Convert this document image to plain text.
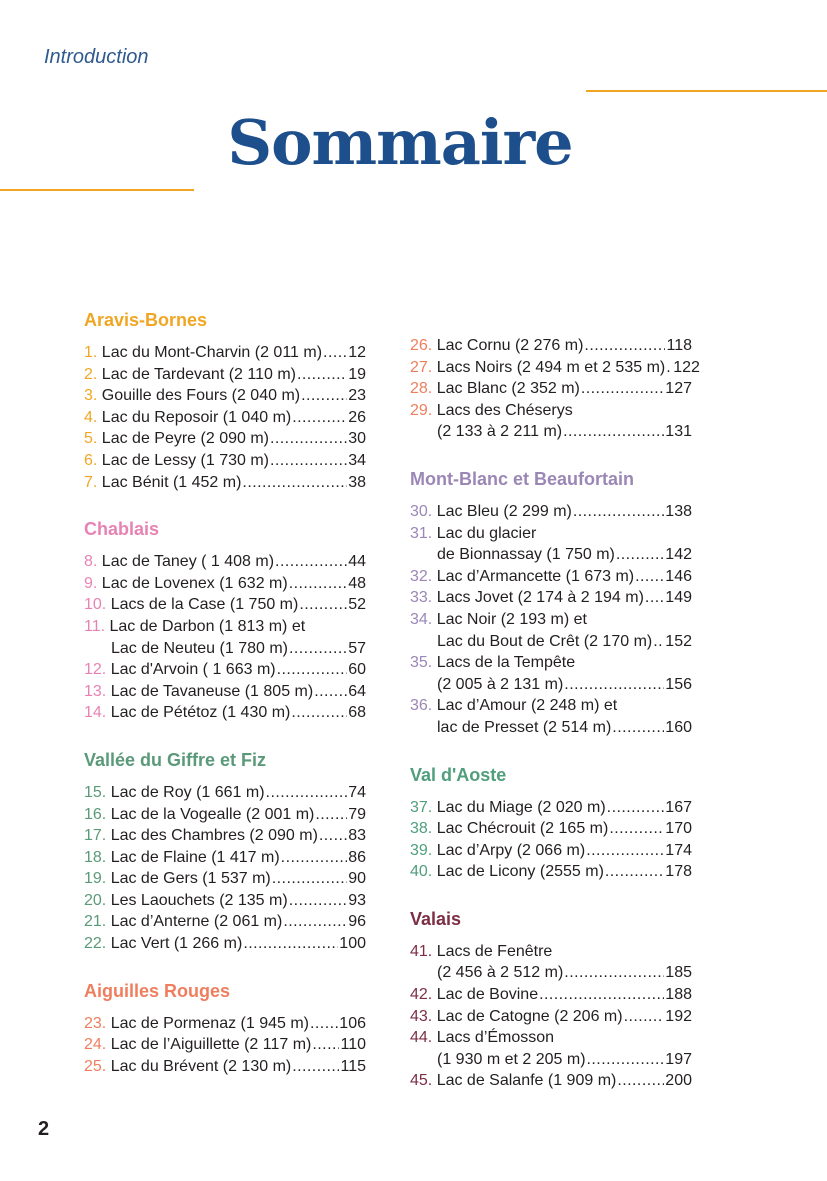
Introduction
Sommaire
Aravis-Bornes
1. Lac du Mont-Charvin (2 011 m) . . . 12
2. Lac de Tardevant (2 110 m) . . .	19
3. Gouille des Fours (2 040 m) . . .	23
4. Lac du Reposoir (1 040 m) . . .	26
5. Lac de Peyre (2 090 m) . . .	30
6. Lac de Lessy (1 730 m) . . .	34
7. Lac Bénit (1 452 m) . . .	38
Chablais
8. Lac de Taney ( 1 408 m) . . .	44
9. Lac de Lovenex (1 632 m) . . .	48
10. Lacs de la Case (1 750 m) . . .	52
11. Lac de Darbon (1 813 m) et
Lac de Neuteu (1 780 m) . . .	57
12. Lac d'Arvoin ( 1 663 m) . . .	60
13. Lac de Tavaneuse (1 805 m) . . . 64
14. Lac de Pététoz (1 430 m) . . .	68
Vallée du Giffre et Fiz
15. Lac de Roy (1 661 m) . . .	74
16. Lac de la Vogealle (2 001 m) . . . 79
17. Lac des Chambres (2 090 m) . . . 83
18. Lac de Flaine (1 417 m) . . .	86
19. Lac de Gers (1 537 m) . . .	90
20. Les Laouchets (2 135 m) . . .	93
21. Lac d’Anterne (2 061 m) . . .	96
22. Lac Vert (1 266 m) . . .	100
Aiguilles Rouges
23. Lac de Pormenaz (1 945 m) . . . 106
24. Lac de l’Aiguillette (2 117 m) . . . 110
25. Lac du Brévent (2 130 m) . . .	115
26. Lac Cornu (2 276 m) . . .	118
27. Lacs Noirs (2 494 m et 2 535 m) . . . 122
28. Lac Blanc (2 352 m) . . .	127
29. Lacs des Chéserys
(2 133 à 2 211 m) . . .	131
Mont-Blanc et Beaufortain
30. Lac Bleu (2 299 m) . . .	138
31. Lac du glacier
de Bionnassay (1 750 m) . . .	142
32. Lac d’Armancette (1 673 m) . . . 146
33. Lacs Jovet (2 174 à 2 194 m) . . . 149
34. Lac Noir (2 193 m) et
Lac du Bout de Crêt (2 170 m) . . . 152
35. Lacs de la Tempête
(2 005 à 2 131 m) . . .	156
36. Lac d’Amour (2 248 m) et
lac de Presset (2 514 m) . . .	160
Val d'Aoste
37. Lac du Miage (2 020 m) . . .	167
38. Lac Chécrouit (2 165 m) . . .	170
39. Lac d’Arpy (2 066 m) . . .	174
40. Lac de Licony (2555 m) . . .	178
Valais
41. Lacs de Fenêtre
(2 456 à 2 512 m) . . .	185
42. Lac de Bovine . . .	188
43. Lac de Catogne (2 206 m) . . .	192
44. Lacs d’Émosson
(1 930 m et 2 205 m) . . .	197
45. Lac de Salanfe (1 909 m) . . .	200
2
